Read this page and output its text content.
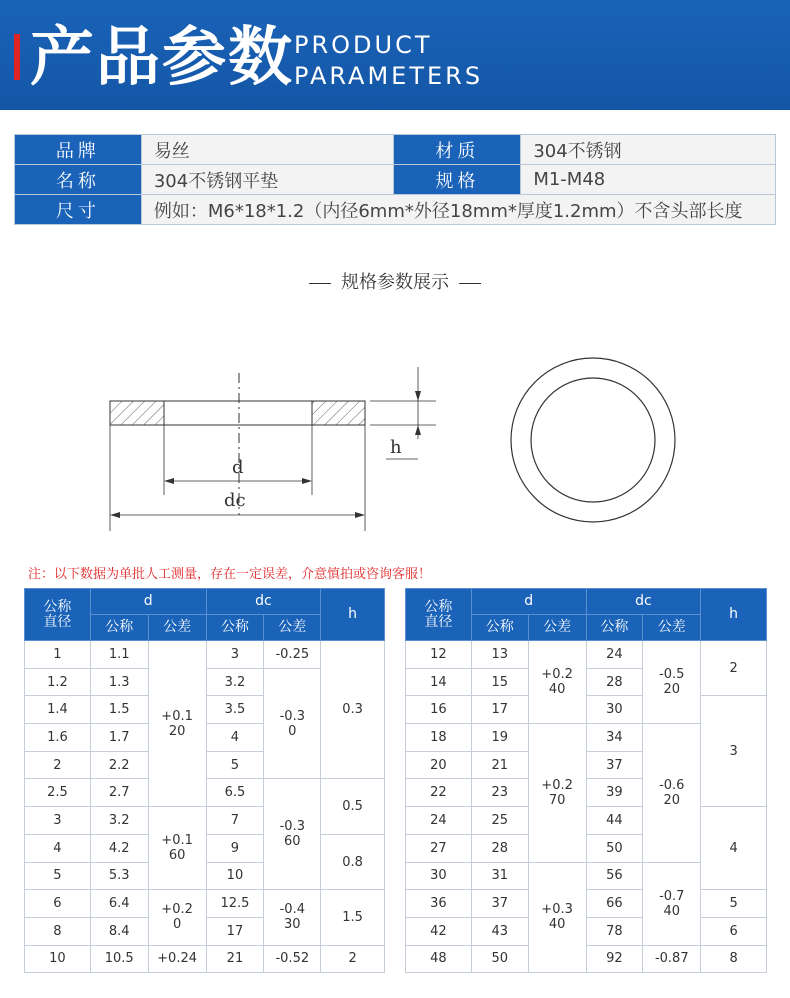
产品参数 PRODUCT
PARAMETERS
品牌	易丝	材质	304不锈钢
名称	304不锈钢平垫	规格	M1-M48
尺寸	例如：M6*18*1.2（内径6mm*外径18mm*厚度1.2mm）不含头部长度		
规格参数展示
h
d
dc
注：以下数据为单批人工测量，存在一定误差，介意慎拍或咨询客服！
公称直径	d		dc		h
	公称	公差	公称	公差	
1	1.1	+0.120	3	-0.25	0.3
1.2	1.3		3.2	-0.30	
1.4	1.5		3.5		
1.6	1.7		4		
2	2.2		5		
2.5	2.7		6.5	-0.360	0.5
3	3.2	+0.160	7		
4	4.2		9		0.8
5	5.3		10		
6	6.4	+0.20	12.5	-0.430	1.5
8	8.4		17		
10	10.5	+0.24	21	-0.52	2
公称直径	d		dc		h
	公称	公差	公称	公差	
12	13	+0.240	24	-0.520	2
14	15		28		
16	17		30		3
18	19	+0.270	34	-0.620	
20	21		37		
22	23		39		
24	25		44		4
27	28		50		
30	31	+0.340	56	-0.740	
36	37		66		5
42	43		78		6
48	50		92	-0.87	8
